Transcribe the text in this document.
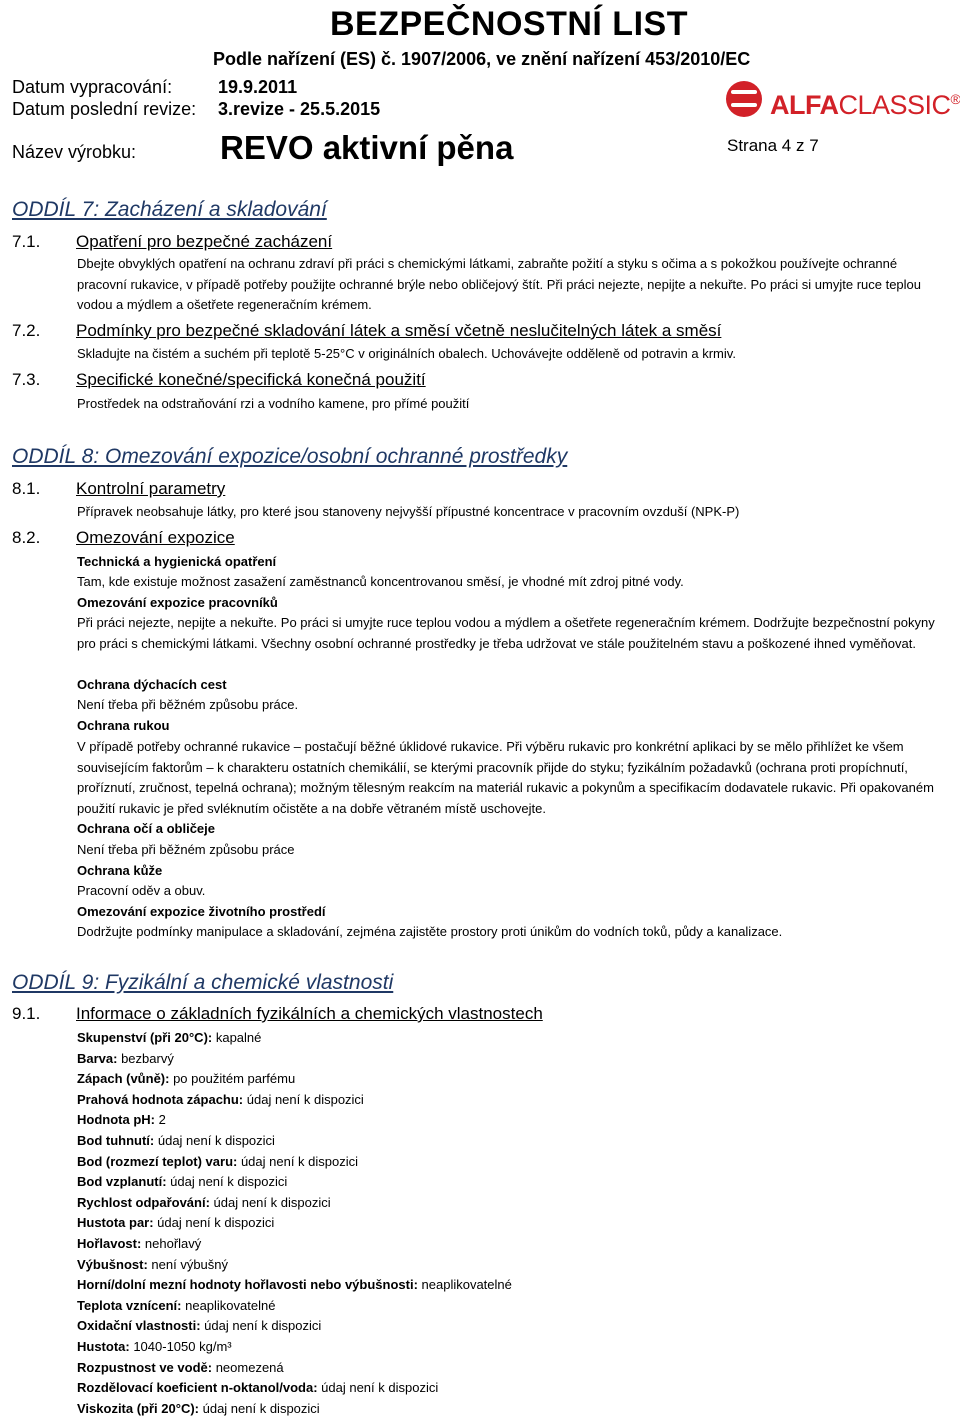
BEZPEČNOSTNÍ LIST
Podle nařízení (ES) č. 1907/2006, ve znění nařízení 453/2010/EC
Datum vypracování:	19.9.2011
Datum poslední revize: 3.revize - 25.5.2015	ALFACLASSIC®
Název výrobku:	REVO aktivní pěna	Strana 4 z 7
ODDÍL 7: Zacházení a skladování
7.1. Opatření pro bezpečné zacházení
Dbejte obvyklých opatření na ochranu zdraví při práci s chemickými látkami, zabraňte požití a styku s očima a s pokožkou používejte ochranné pracovní rukavice, v případě potřeby použijte ochranné brýle nebo obličejový štít. Při práci nejezte, nepijte a nekuřte. Po práci si umyjte ruce teplou vodou a mýdlem a ošetřete regeneračním krémem.
7.2. Podmínky pro bezpečné skladování látek a směsí včetně neslučitelných látek a směsí
Skladujte na čistém a suchém při teplotě 5-25°C v originálních obalech. Uchovávejte odděleně od potravin a krmiv.
7.3. Specifické konečné/specifická konečná použití
Prostředek na odstraňování rzi a vodního kamene, pro přímé použití
ODDÍL 8: Omezování expozice/osobní ochranné prostředky
8.1. Kontrolní parametry
Přípravek neobsahuje látky, pro které jsou stanoveny nejvyšší přípustné koncentrace v pracovním ovzduší (NPK-P)
8.2. Omezování expozice
Technická a hygienická opatření
Tam, kde existuje možnost zasažení zaměstnanců koncentrovanou směsí, je vhodné mít zdroj pitné vody.
Omezování expozice pracovníků
Při práci nejezte, nepijte a nekuřte. Po práci si umyjte ruce teplou vodou a mýdlem a ošetřete regeneračním krémem. Dodržujte bezpečnostní pokyny pro práci s chemickými látkami. Všechny osobní ochranné prostředky je třeba udržovat ve stále použitelném stavu a poškozené ihned vyměňovat.
Ochrana dýchacích cest
Není třeba při běžném způsobu práce.
Ochrana rukou
V případě potřeby ochranné rukavice – postačují běžné úklidové rukavice. Při výběru rukavic pro konkrétní aplikaci by se mělo přihlížet ke všem souvisejícím faktorům – k charakteru ostatních chemikálií, se kterými pracovník přijde do styku; fyzikálním požadavků (ochrana proti propíchnutí, proříznutí, zručnost, tepelná ochrana); možným tělesným reakcím na materiál rukavic a pokynům a specifikacím dodavatele rukavic. Při opakovaném použití rukavic je před svléknutím očistěte a na dobře větraném místě uschovejte.
Ochrana očí a obličeje
Není třeba při běžném způsobu práce
Ochrana kůže
Pracovní oděv a obuv.
Omezování expozice životního prostředí
Dodržujte podmínky manipulace a skladování, zejména zajistěte prostory proti únikům do vodních toků, půdy a kanalizace.
ODDÍL 9: Fyzikální a chemické vlastnosti
9.1. Informace o základních fyzikálních a chemických vlastnostech
Skupenství (při 20°C): kapalné
Barva: bezbarvý
Zápach (vůně): po použitém parfému
Prahová hodnota zápachu: údaj není k dispozici
Hodnota pH: 2
Bod tuhnutí: údaj není k dispozici
Bod (rozmezí teplot) varu: údaj není k dispozici
Bod vzplanutí: údaj není k dispozici
Rychlost odpařování: údaj není k dispozici
Hustota par: údaj není k dispozici
Hořlavost: nehořlavý
Výbušnost: není výbušný
Horní/dolní mezní hodnoty hořlavosti nebo výbušnosti: neaplikovatelné
Teplota vznícení: neaplikovatelné
Oxidační vlastnosti: údaj není k dispozici
Hustota: 1040-1050 kg/m³
Rozpustnost ve vodě: neomezená
Rozdělovací koeficient n-oktanol/voda: údaj není k dispozici
Viskozita (při 20°C): údaj není k dispozici
